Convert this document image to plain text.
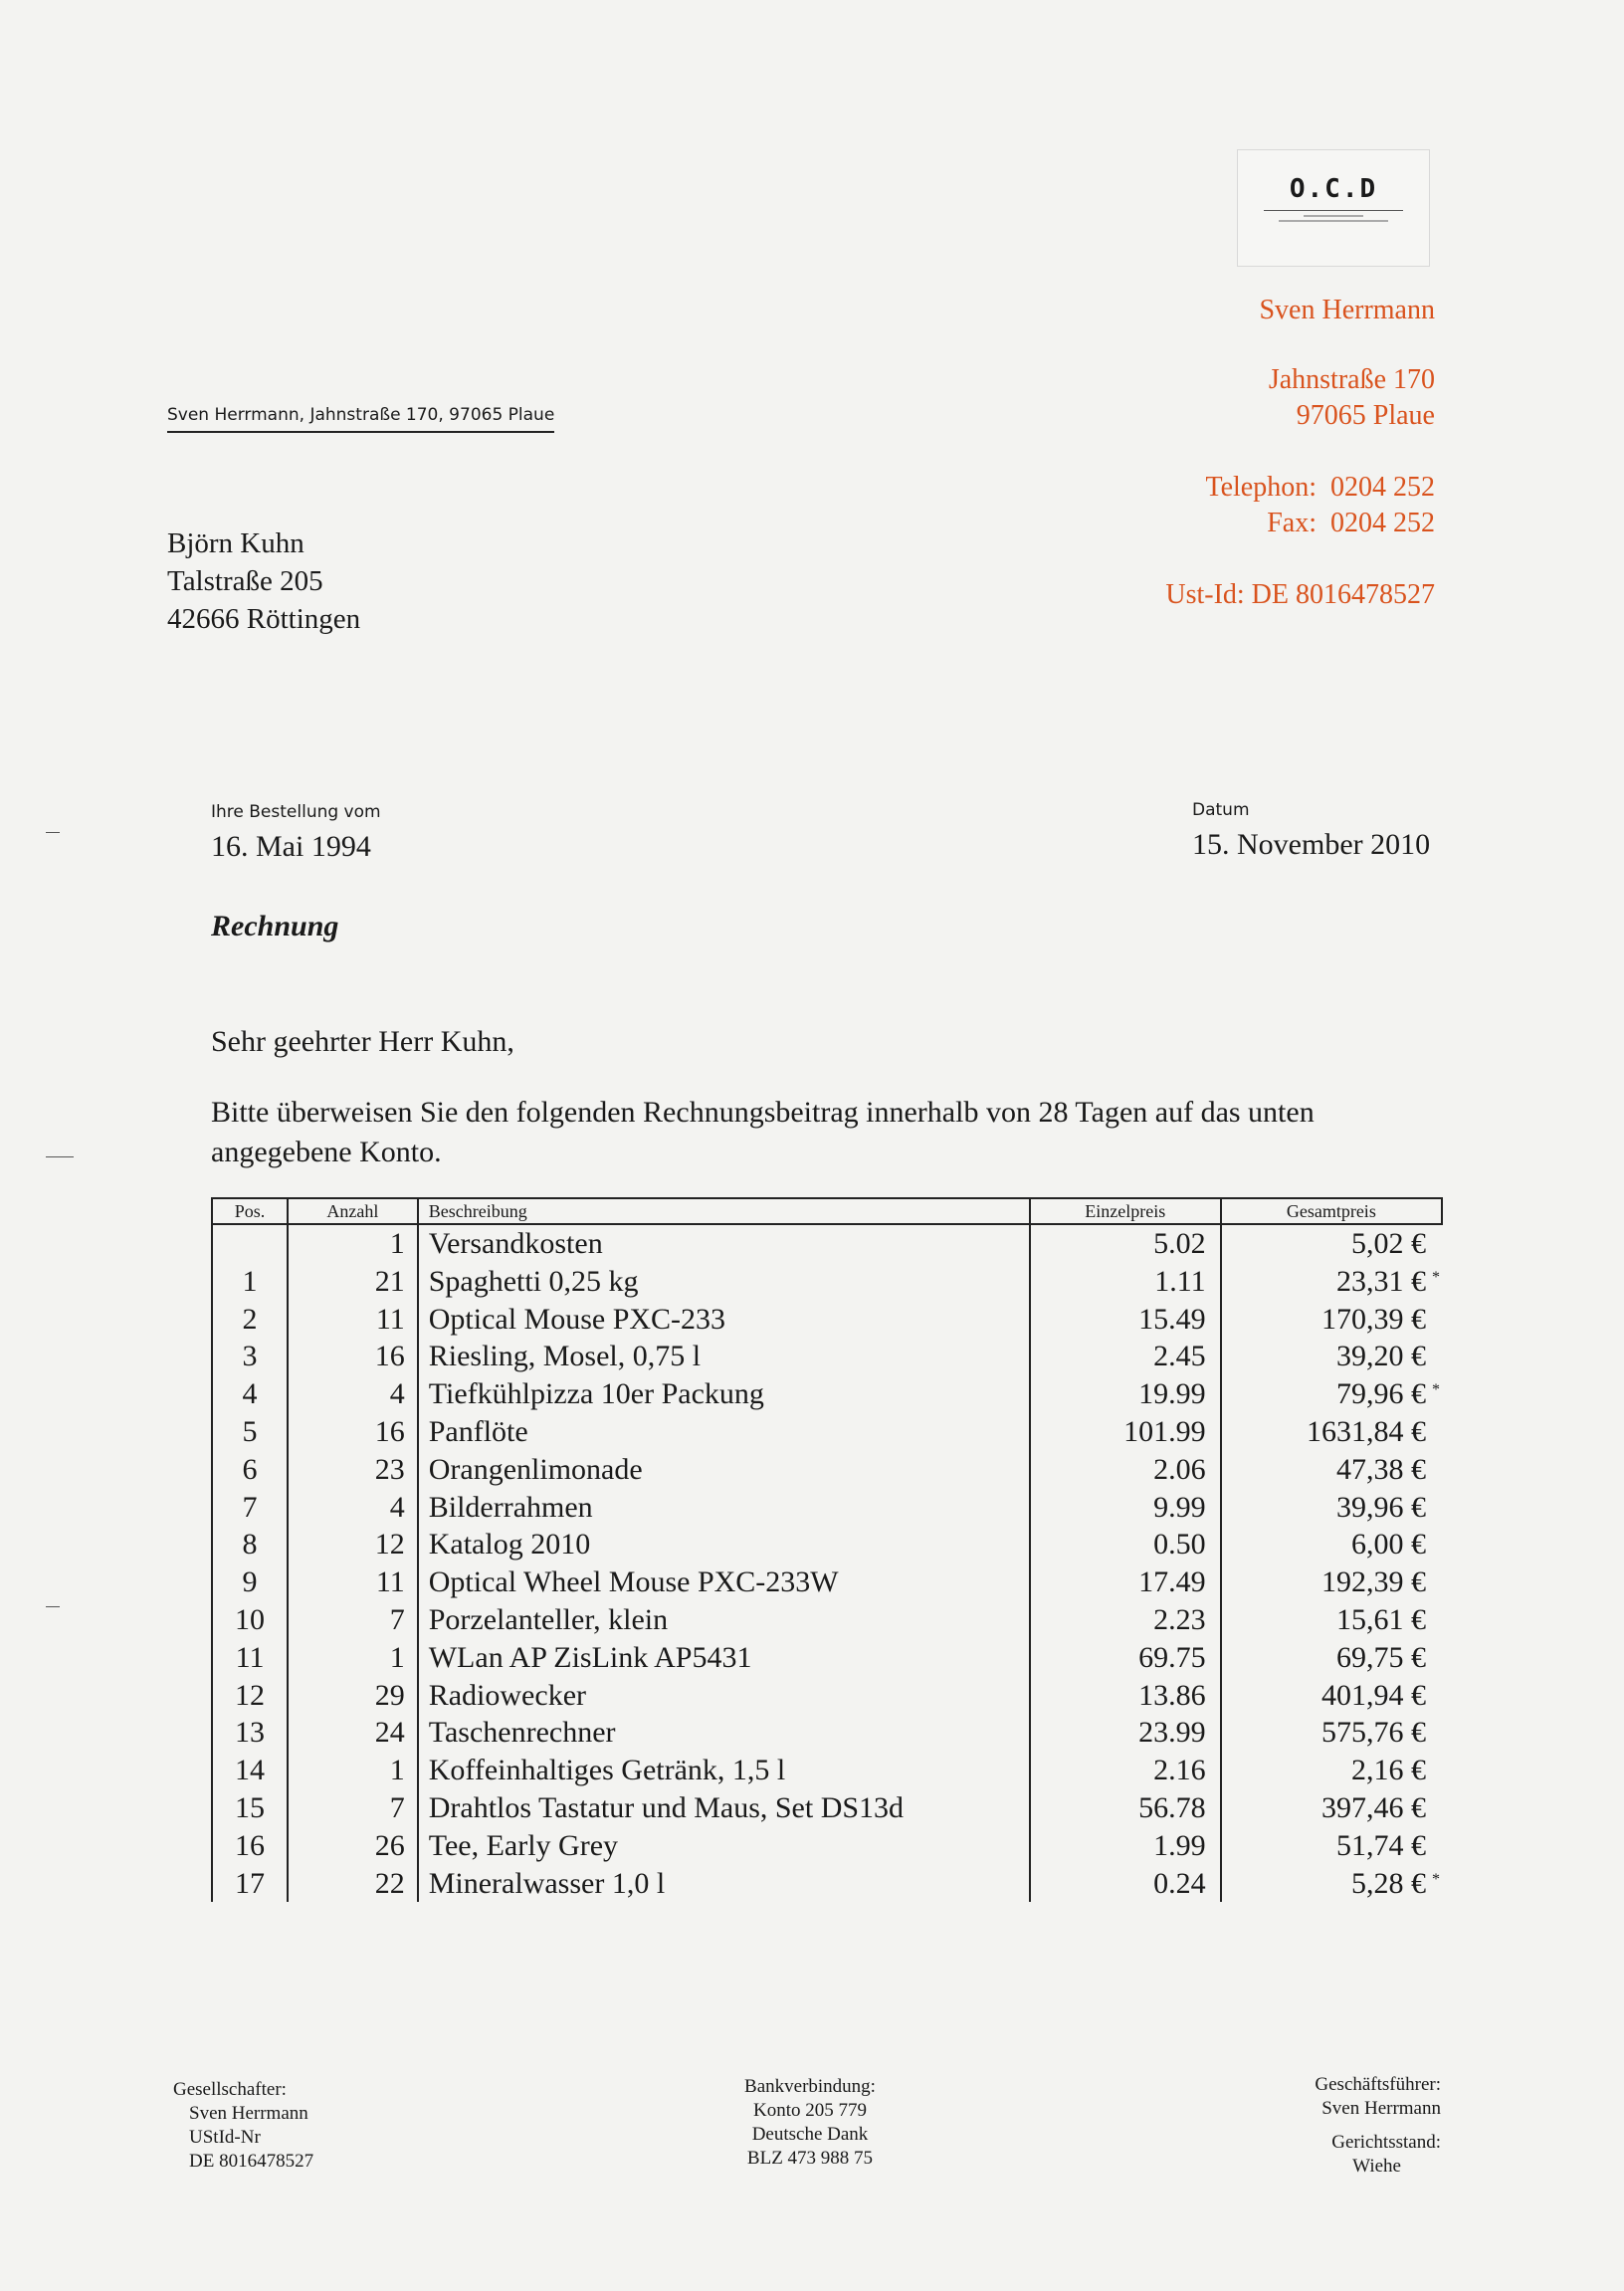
O.C.D
Sven Herrmann
Jahnstraße 170
97065 Plaue
Telephon:  0204 252
Fax:  0204 252
Ust-Id: DE 8016478527
Sven Herrmann, Jahnstraße 170, 97065 Plaue
Björn Kuhn
Talstraße 205
42666 Röttingen
Ihre Bestellung vom
16. Mai 1994
Datum
15. November 2010
Rechnung
Sehr geehrter Herr Kuhn,
Bitte überweisen Sie den folgenden Rechnungsbeitrag innerhalb von 28 Tagen auf das unten
angegebene Konto.
Pos.	Anzahl	Beschreibung	Einzelpreis	Gesamtpreis
	1	Versandkosten	5.02	5,02 €

1	21	Spaghetti 0,25 kg	1.11	23,31 € *

2	11	Optical Mouse PXC-233	15.49	170,39 €

3	16	Riesling, Mosel, 0,75 l	2.45	39,20 €

4	4	Tiefkühlpizza 10er Packung	19.99	79,96 € *

5	16	Panflöte	101.99	1631,84 €

6	23	Orangenlimonade	2.06	47,38 €

7	4	Bilderrahmen	9.99	39,96 €

8	12	Katalog 2010	0.50	6,00 €

9	11	Optical Wheel Mouse PXC-233W	17.49	192,39 €

10	7	Porzelanteller, klein	2.23	15,61 €

11	1	WLan AP ZisLink AP5431	69.75	69,75 €

12	29	Radiowecker	13.86	401,94 €

13	24	Taschenrechner	23.99	575,76 €

14	1	Koffeinhaltiges Getränk, 1,5 l	2.16	2,16 €

15	7	Drahtlos Tastatur und Maus, Set DS13d	56.78	397,46 €

16	26	Tee, Early Grey	1.99	51,74 €

17	22	Mineralwasser 1,0 l	0.24	5,28 € *
Gesellschafter:
Sven Herrmann
UStId-Nr
DE 8016478527
Bankverbindung:
Konto 205 779
Deutsche Dank
BLZ 473 988 75
Geschäftsführer:
Sven Herrmann
Gerichtsstand:
Wiehe
